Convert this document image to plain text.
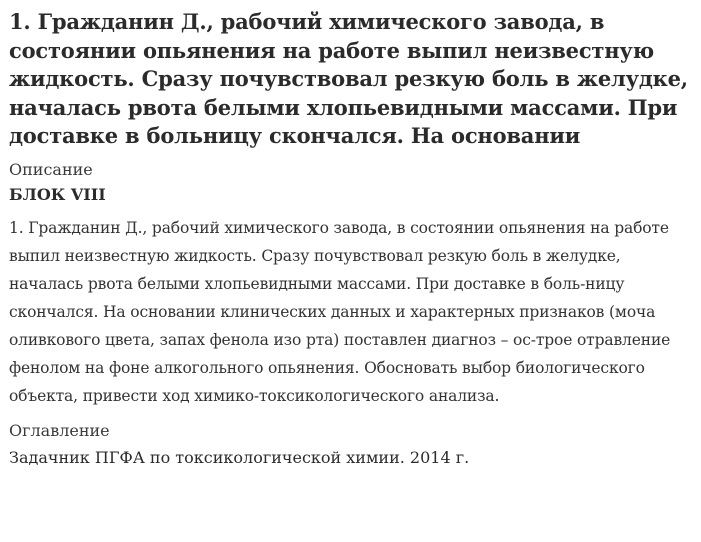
1. Гражданин Д., рабочий химического завода, в состоянии опьянения на работе выпил неизвестную жидкость. Сразу почувствовал резкую боль в желудке, началась рвота белыми хлопьевидными массами. При доставке в больницу скончался. На основании
Описание
БЛОК VIII
1. Гражданин Д., рабочий химического завода, в состоянии опьянения на работе выпил неизвестную жидкость. Сразу почувствовал резкую боль в желудке, началась рвота белыми хлопьевидными массами. При доставке в боль-ницу скончался. На основании клинических данных и характерных признаков (моча оливкового цвета, запах фенола изо рта) поставлен диагноз – ос-трое отравление фенолом на фоне алкогольного опьянения. Обосновать выбор биологического объекта, привести ход химико-токсикологического анализа.
Оглавление
Задачник ПГФА по токсикологической химии. 2014 г.
